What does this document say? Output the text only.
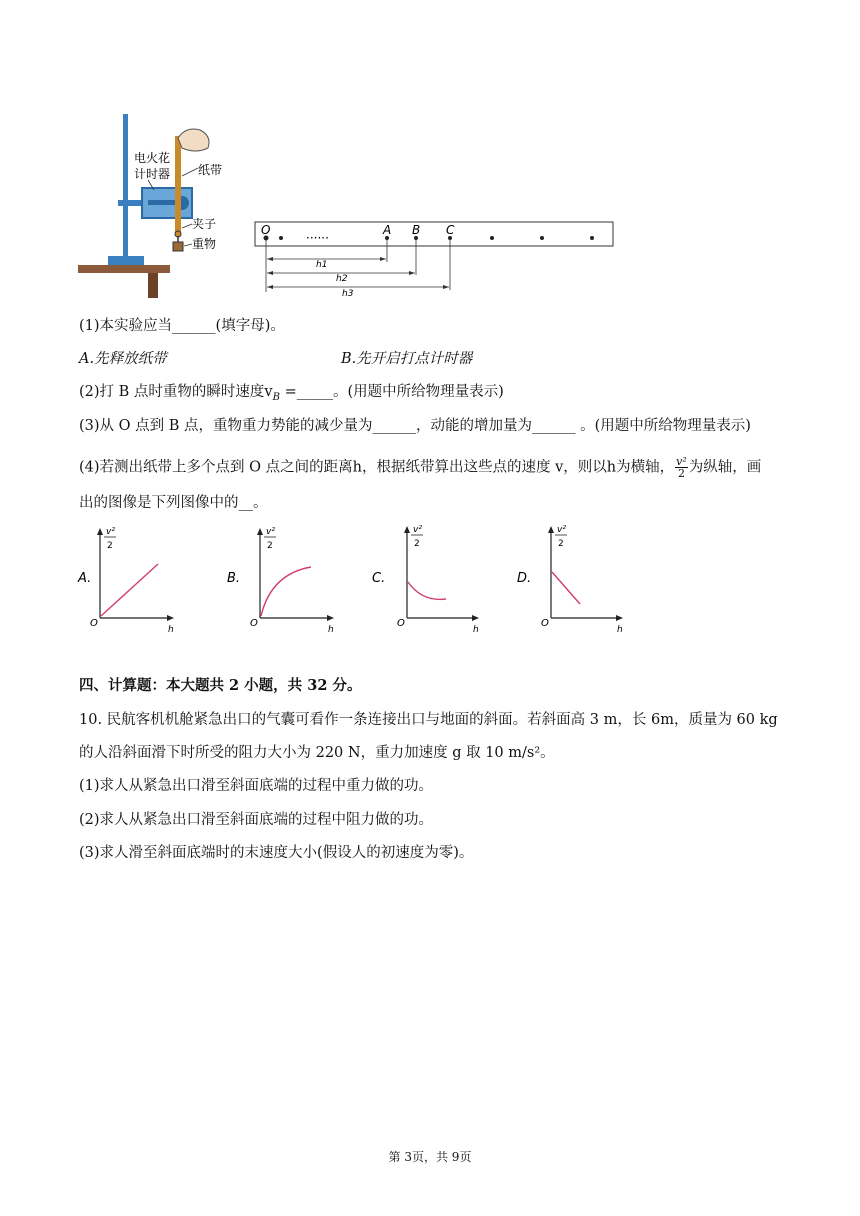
电火花
计时器 纸带
夹子
重物	······
O	A B C
h1
h2
h3
(1)本实验应当______(填字母)。
A.先释放纸带	B.先开启打点计时器
(2)打 B 点时重物的瞬时速度$v_B$ =_____。(用题中所给物理量表示)
(3)从 O 点到 B 点，重物重力势能的减少量为______，动能的增加量为______ 。(用题中所给物理量表示)
(4)若测出纸带上多个点到 O 点之间的距离h，根据纸带算出这些点的速度 v，则以h为横轴， $\frac{\text{v²}}{2}$ 为纵轴，画
出的图像是下列图像中的__。
A.
v²
2
O
h
B.
v²
2
O
h
C.
v²
2
O
h
D.
v²
2
O
h
四、计算题：本大题共 2 小题，共 32 分。
10. 民航客机机舱紧急出口的气囊可看作一条连接出口与地面的斜面。若斜面高 3 m，长 6m，质量为 60 kg
的人沿斜面滑下时所受的阻力大小为 220 N，重力加速度 g 取 10 m/s²。
(1)求人从紧急出口滑至斜面底端的过程中重力做的功。
(2)求人从紧急出口滑至斜面底端的过程中阻力做的功。
(3)求人滑至斜面底端时的末速度大小(假设人的初速度为零)。
第 3页，共 9页
